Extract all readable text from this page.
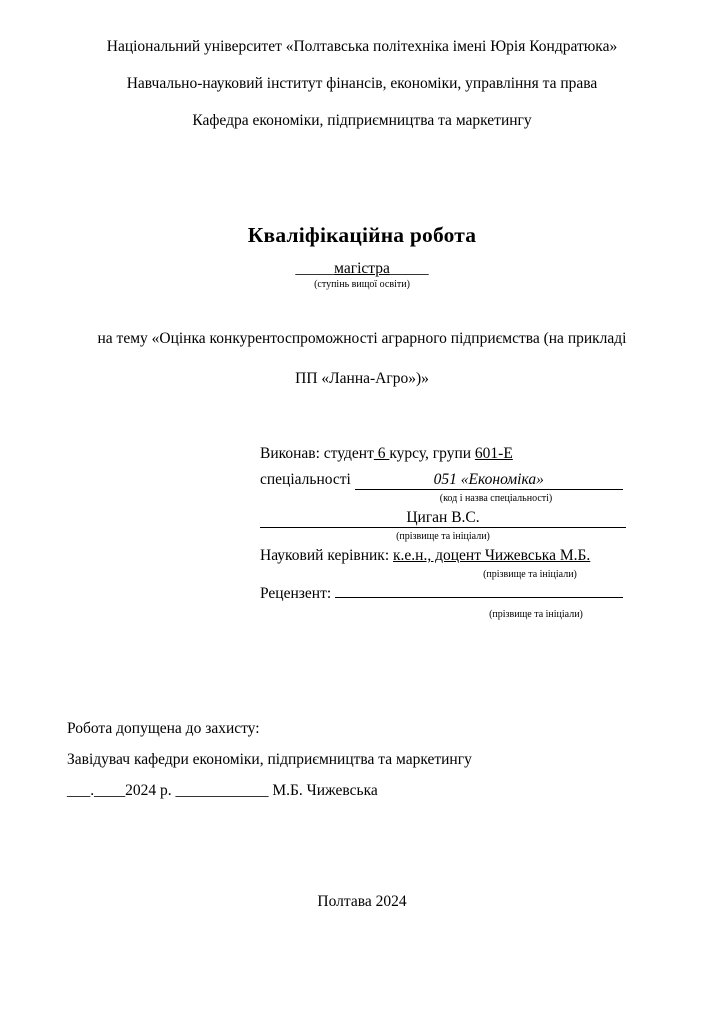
Національний університет «Полтавська політехніка імені Юрія Кондратюка»
Навчально-науковий інститут фінансів, економіки, управління та права
Кафедра економіки, підприємництва та маркетингу
Кваліфікаційна робота
_____магістра_____
(ступінь вищої освіти)
на тему «Оцінка конкурентоспроможності аграрного підприємства (на прикладі
ПП «Ланна-Агро»)»
Виконав: студент 6 курсу, групи 601-Е
спеціальності	051 «Економіка»
(код і назва спеціальності)
Циган В.С.
(прізвище та ініціали)
Науковий керівник: к.е.н., доцент Чижевська М.Б.
(прізвище та ініціали)
Рецензент:
(прізвище та ініціали)
Робота допущена до захисту:
Завідувач кафедри економіки, підприємництва та маркетингу
___.____2024 р. ____________ М.Б. Чижевська
Полтава 2024
